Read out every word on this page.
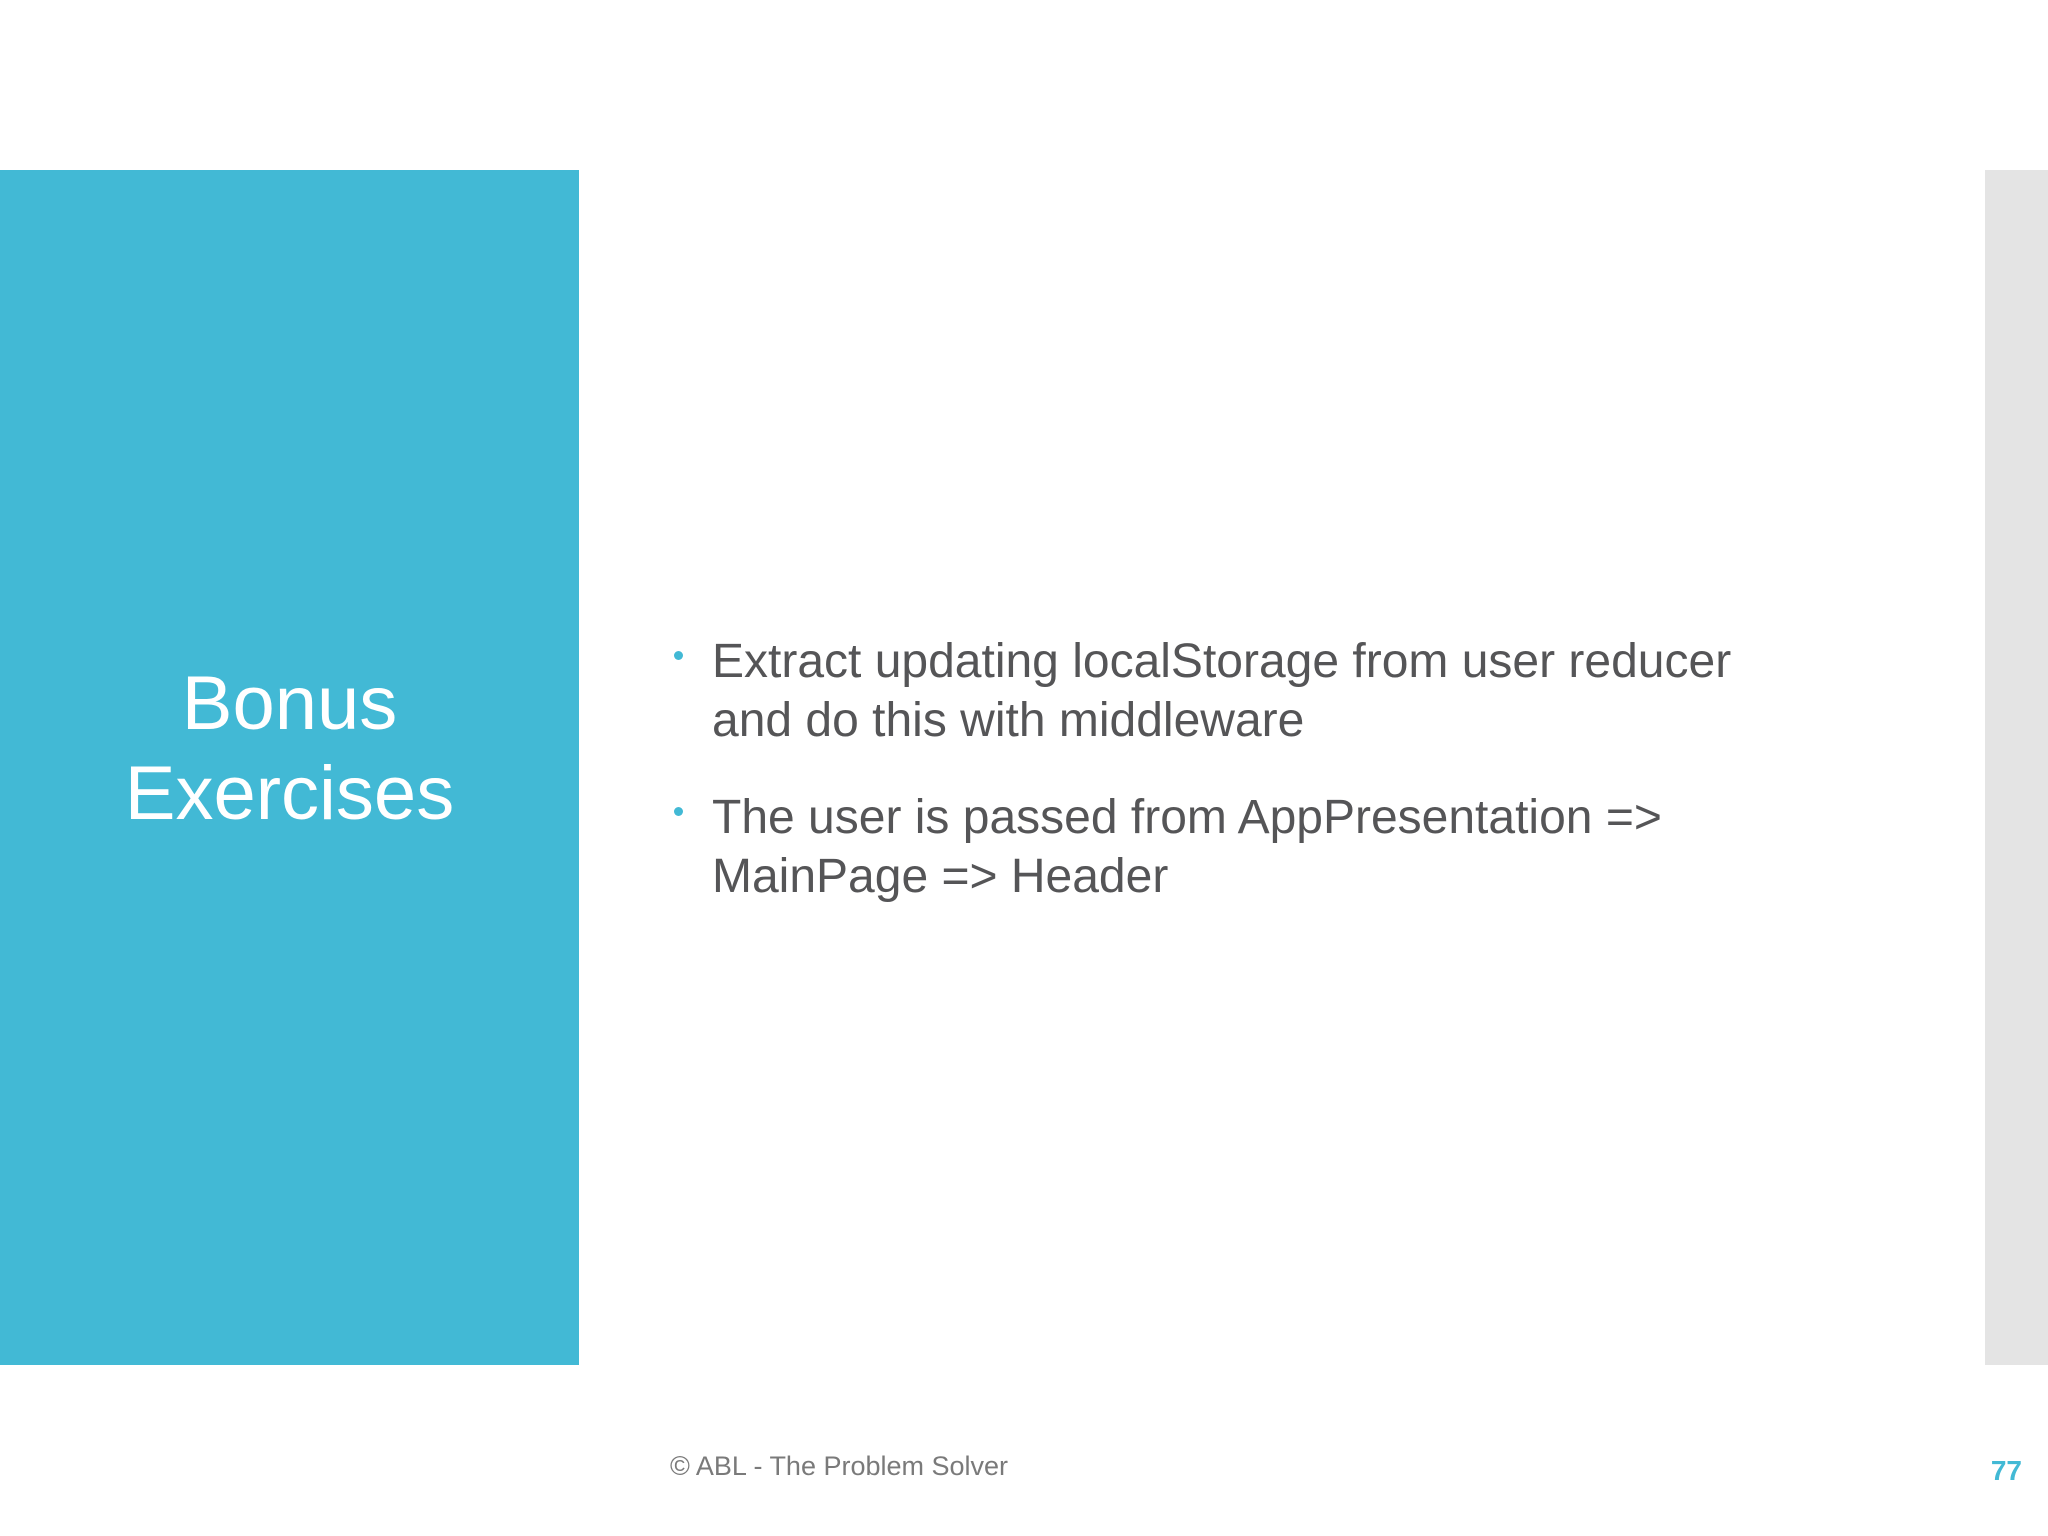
Bonus
Exercises
Extract updating localStorage from user reducer
and do this with middleware
The user is passed from AppPresentation =>
MainPage => Header
© ABL - The Problem Solver	77
